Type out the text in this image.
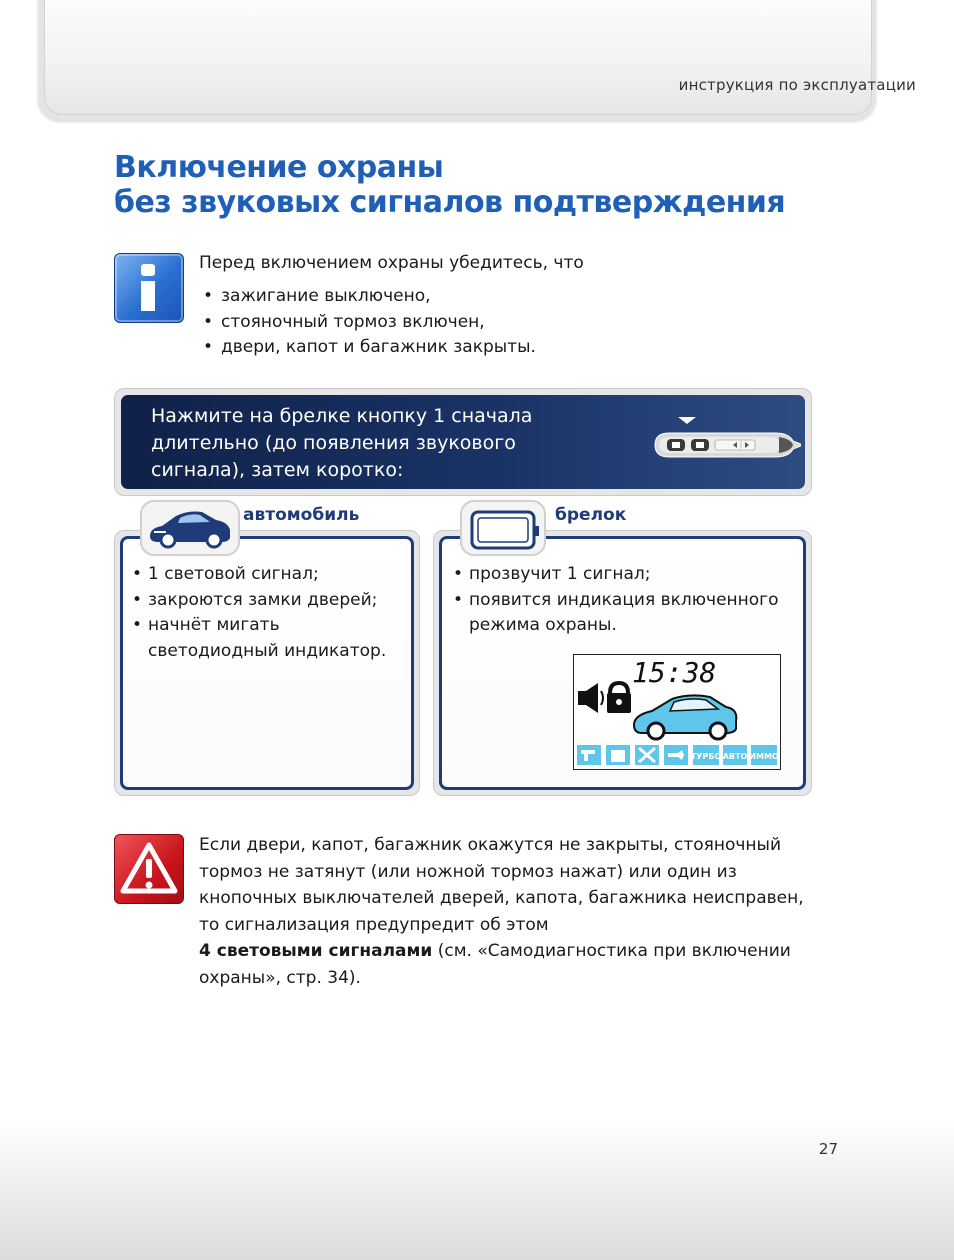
инструкция по эксплуатации
Включение охраны
без звуковых сигналов подтверждения
Перед включением охраны убедитесь, что
• зажигание выключено,
• стояночный тормоз включен,
• двери, капот и багажник закрыты.
Нажмите на брелке кнопку 1 сначала
длительно (до появления звукового
сигнала), затем коротко:
автомобиль
• 1 световой сигнал;
• закроются замки дверей;
• начнёт мигать светодиодный индикатор.
брелок
• прозвучит 1 сигнал;
• появится индикация включенного режима охраны.
15:38
ТУРБО АВТО ИММО
Если двери, капот, багажник окажутся не закрыты, стояночный тормоз не затянут (или ножной тормоз нажат) или один из кнопочных выключателей дверей, капота, багажника неисправен, то сигнализация предупредит об этом
4 световыми сигналами (см. «Самодиагностика при включении охраны», стр. 34).
27
